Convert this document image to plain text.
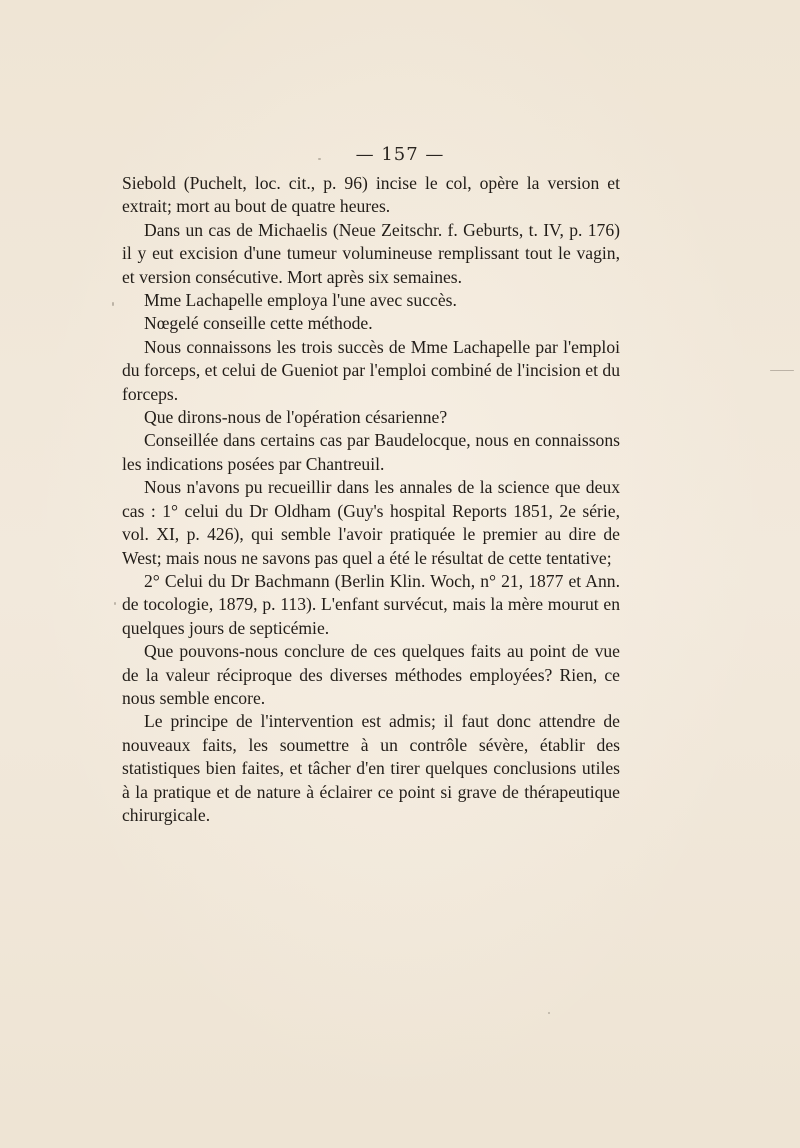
— 157 —

Siebold (Puchelt, loc. cit., p. 96) incise le col, opère la version et extrait; mort au bout de quatre heures.

Dans un cas de Michaelis (Neue Zeitschr. f. Geburts, t. IV, p. 176) il y eut excision d'une tumeur volumineuse remplissant tout le vagin, et version consécutive. Mort après six semaines.

Mme Lachapelle employa l'une avec succès.

Nœgelé conseille cette méthode.

Nous connaissons les trois succès de Mme Lachapelle par l'emploi du forceps, et celui de Gueniot par l'emploi combiné de l'incision et du forceps.

Que dirons-nous de l'opération césarienne?

Conseillée dans certains cas par Baudelocque, nous en connaissons les indications posées par Chantreuil.

Nous n'avons pu recueillir dans les annales de la science que deux cas : 1° celui du Dr Oldham (Guy's hospital Reports 1851, 2e série, vol. XI, p. 426), qui semble l'avoir pratiquée le premier au dire de West; mais nous ne savons pas quel a été le résultat de cette tentative;

2° Celui du Dr Bachmann (Berlin Klin. Woch, n° 21, 1877 et Ann. de tocologie, 1879, p. 113). L'enfant survécut, mais la mère mourut en quelques jours de septicémie.

Que pouvons-nous conclure de ces quelques faits au point de vue de la valeur réciproque des diverses méthodes employées? Rien, ce nous semble encore.

Le principe de l'intervention est admis; il faut donc attendre de nouveaux faits, les soumettre à un contrôle sévère, établir des statistiques bien faites, et tâcher d'en tirer quelques conclusions utiles à la pratique et de nature à éclairer ce point si grave de thérapeutique chirurgicale.
